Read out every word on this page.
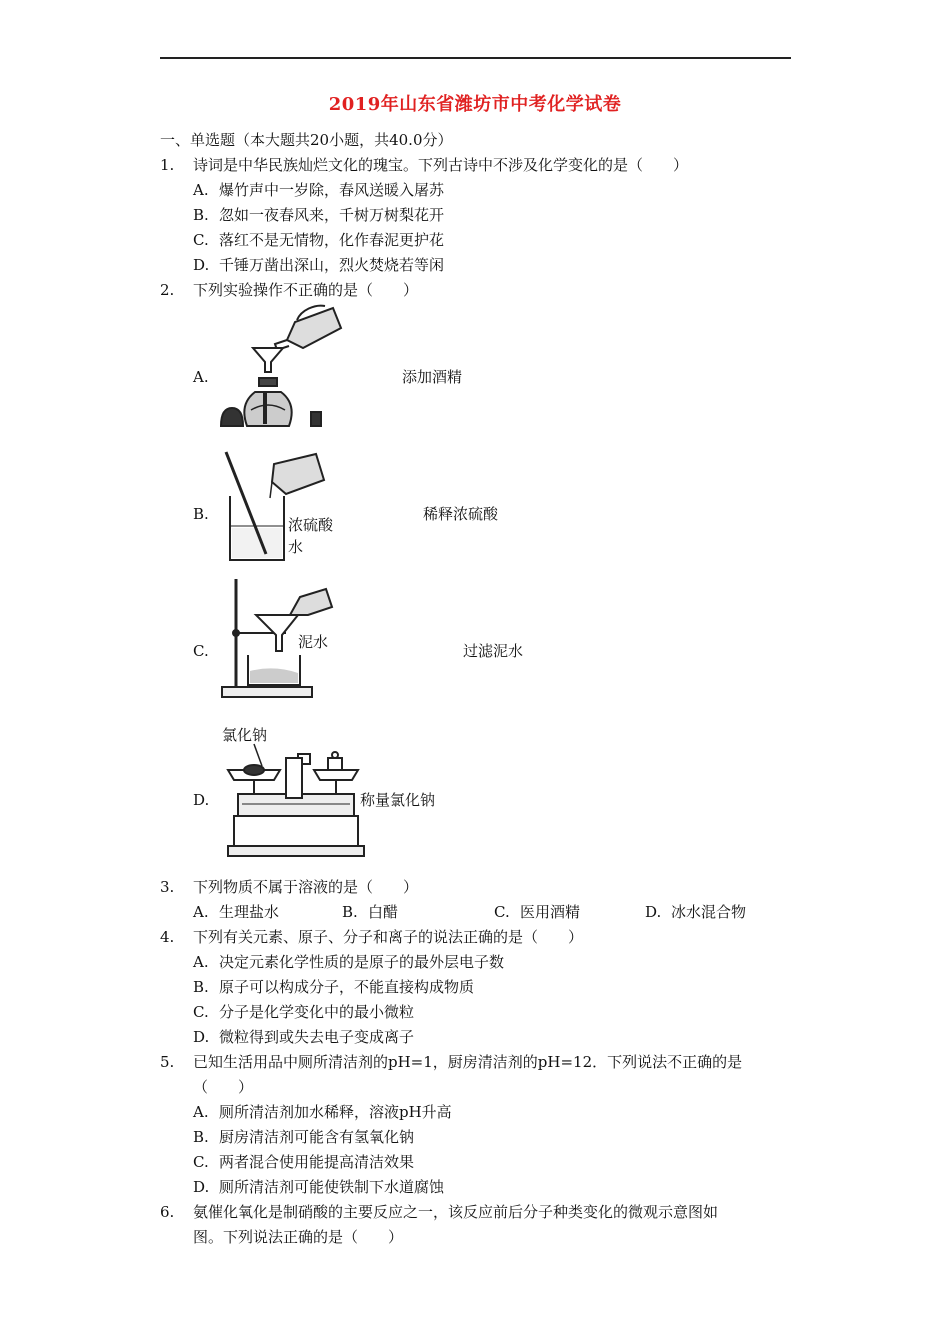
2019年山东省潍坊市中考化学试卷
一、单选题（本大题共20小题，共40.0分）
1. 诗词是中华民族灿烂文化的瑰宝。下列古诗中不涉及化学变化的是（　　）
A. 爆竹声中一岁除，春风送暖入屠苏
B. 忽如一夜春风来，千树万树梨花开
C. 落红不是无情物，化作春泥更护花
D. 千锤万凿出深山，烈火焚烧若等闲
2. 下列实验操作不正确的是（　　）
A.	添加酒精
B.
浓硫酸
水
稀释浓硫酸
C.	泥水	过滤泥水
D.
氯化钠
称量氯化钠
3. 下列物质不属于溶液的是（　　）
A. 生理盐水	B. 白醋	C. 医用酒精	D. 冰水混合物
4. 下列有关元素、原子、分子和离子的说法正确的是（　　）
A. 决定元素化学性质的是原子的最外层电子数
B. 原子可以构成分子，不能直接构成物质
C. 分子是化学变化中的最小微粒
D. 微粒得到或失去电子变成离子
5. 已知生活用品中厕所清洁剂的pH=1，厨房清洁剂的pH=12．下列说法不正确的是
（　　）
A. 厕所清洁剂加水稀释，溶液pH升高
B. 厨房清洁剂可能含有氢氧化钠
C. 两者混合使用能提高清洁效果
D. 厕所清洁剂可能使铁制下水道腐蚀
6. 氨催化氧化是制硝酸的主要反应之一，该反应前后分子种类变化的微观示意图如
图。下列说法正确的是（　　）
